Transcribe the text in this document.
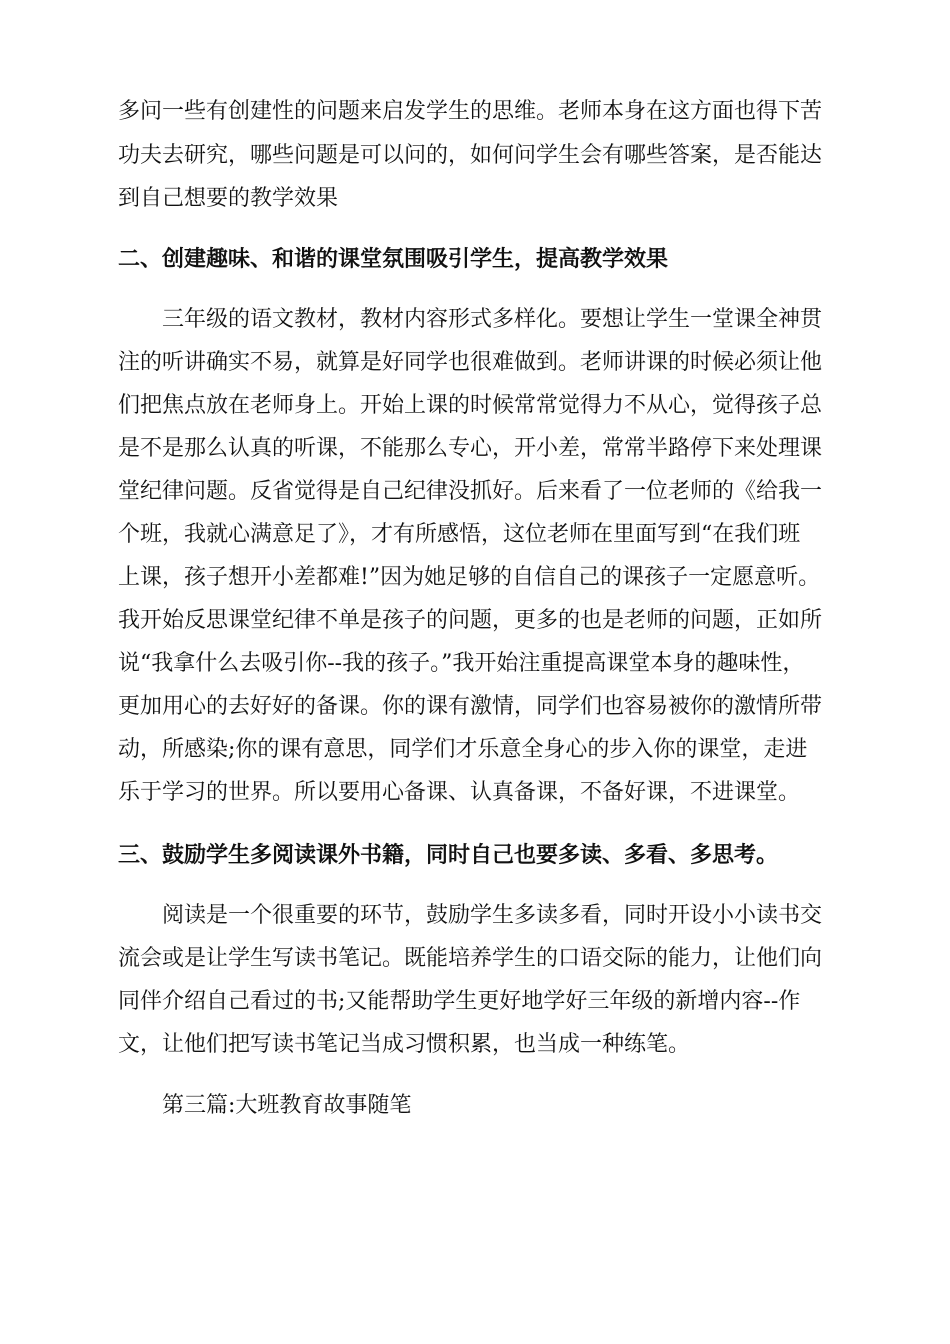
多问一些有创建性的问题来启发学生的思维。老师本身在这方面也得下苦
功夫去研究，哪些问题是可以问的，如何问学生会有哪些答案，是否能达
到自己想要的教学效果
二、创建趣味、和谐的课堂氛围吸引学生，提高教学效果
三年级的语文教材，教材内容形式多样化。要想让学生一堂课全神贯
注的听讲确实不易，就算是好同学也很难做到。老师讲课的时候必须让他
们把焦点放在老师身上。开始上课的时候常常觉得力不从心，觉得孩子总
是不是那么认真的听课，不能那么专心，开小差，常常半路停下来处理课
堂纪律问题。反省觉得是自己纪律没抓好。后来看了一位老师的《给我一
个班，我就心满意足了》，才有所感悟，这位老师在里面写到“在我们班
上课，孩子想开小差都难!”因为她足够的自信自己的课孩子一定愿意听。
我开始反思课堂纪律不单是孩子的问题，更多的也是老师的问题，正如所
说“我拿什么去吸引你--我的孩子。”我开始注重提高课堂本身的趣味性，
更加用心的去好好的备课。你的课有激情，同学们也容易被你的激情所带
动，所感染;你的课有意思，同学们才乐意全身心的步入你的课堂，走进
乐于学习的世界。所以要用心备课、认真备课，不备好课，不进课堂。
三、鼓励学生多阅读课外书籍，同时自己也要多读、多看、多思考。
阅读是一个很重要的环节，鼓励学生多读多看，同时开设小小读书交
流会或是让学生写读书笔记。既能培养学生的口语交际的能力，让他们向
同伴介绍自己看过的书;又能帮助学生更好地学好三年级的新增内容--作
文，让他们把写读书笔记当成习惯积累，也当成一种练笔。
第三篇:大班教育故事随笔
